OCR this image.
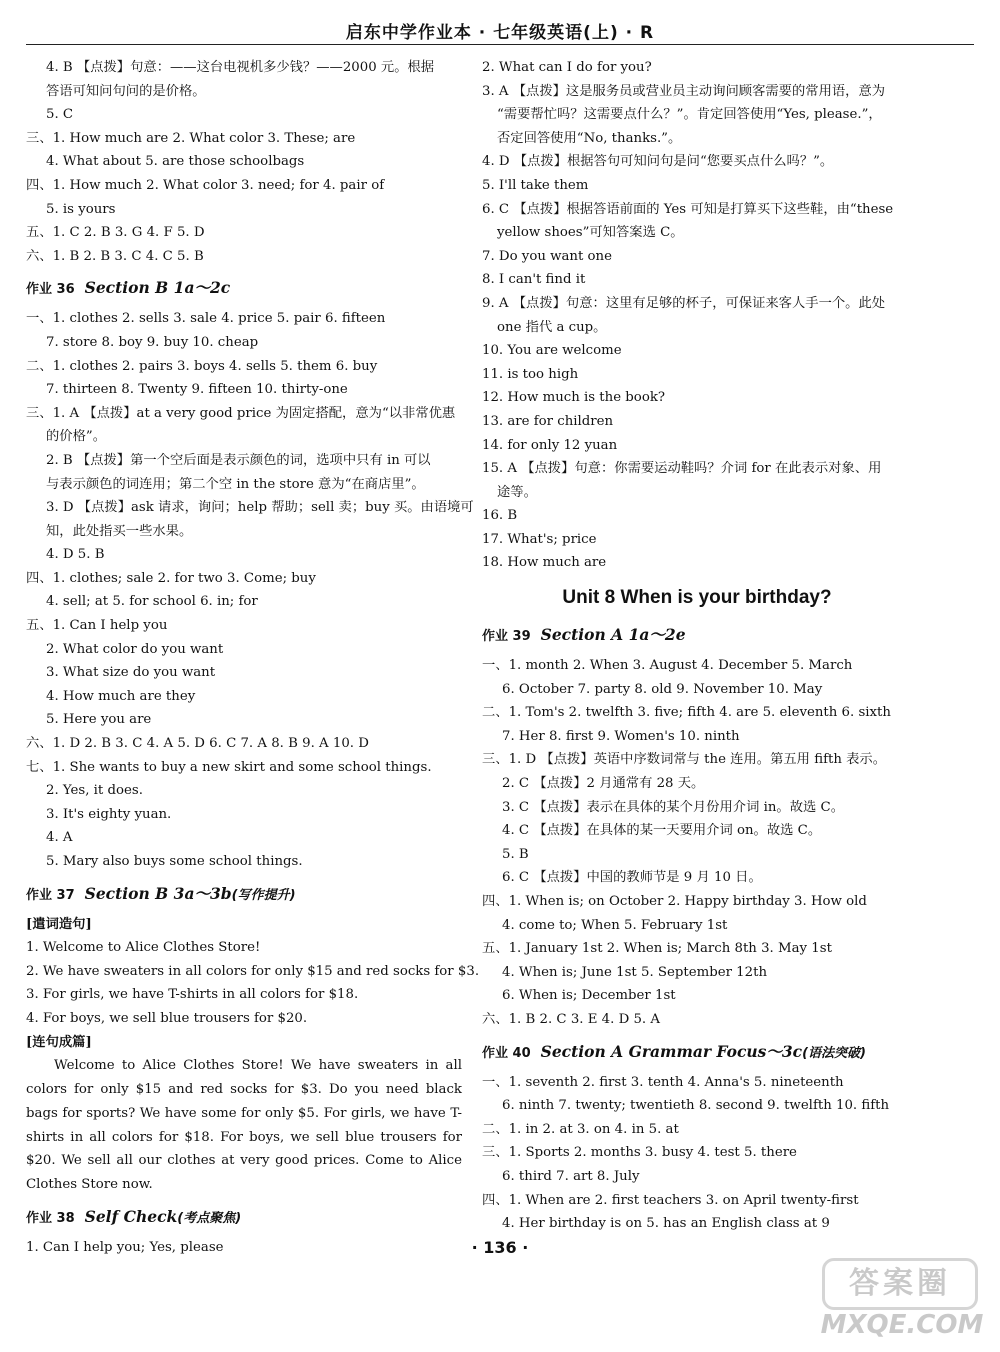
启东中学作业本 · 七年级英语(上) · R
4. B 【点拨】句意：——这台电视机多少钱？——2000 元。根据
答语可知问句问的是价格。
5. C
三、1. How much are 2. What color 3. These; are
4. What about 5. are those schoolbags
四、1. How much 2. What color 3. need; for 4. pair of
5. is yours
五、1. C 2. B 3. G 4. F 5. D
六、1. B 2. B 3. C 4. C 5. B
作业 36 Section B 1a～2c
一、1. clothes 2. sells 3. sale 4. price 5. pair 6. fifteen
7. store 8. boy 9. buy 10. cheap
二、1. clothes 2. pairs 3. boys 4. sells 5. them 6. buy
7. thirteen 8. Twenty 9. fifteen 10. thirty-one
三、1. A 【点拨】at a very good price 为固定搭配，意为“以非常优惠
的价格”。
2. B 【点拨】第一个空后面是表示颜色的词，选项中只有 in 可以
与表示颜色的词连用；第二个空 in the store 意为“在商店里”。
3. D 【点拨】ask 请求，询问；help 帮助；sell 卖；buy 买。由语境可
知，此处指买一些水果。
4. D 5. B
四、1. clothes; sale 2. for two 3. Come; buy
4. sell; at 5. for school 6. in; for
五、1. Can I help you
2. What color do you want
3. What size do you want
4. How much are they
5. Here you are
六、1. D 2. B 3. C 4. A 5. D 6. C 7. A 8. B 9. A 10. D
七、1. She wants to buy a new skirt and some school things.
2. Yes, it does.
3. It's eighty yuan.
4. A
5. Mary also buys some school things.
作业 37 Section B 3a～3b(写作提升)
[遣词造句]
1. Welcome to Alice Clothes Store!
2. We have sweaters in all colors for only $15 and red socks for $3.
3. For girls, we have T-shirts in all colors for $18.
4. For boys, we sell blue trousers for $20.
[连句成篇]
Welcome to Alice Clothes Store! We have sweaters in all colors for only $15 and red socks for $3. Do you need black bags for sports? We have some for only $5. For girls, we have T-shirts in all colors for $18. For boys, we sell blue trousers for $20. We sell all our clothes at very good prices. Come to Alice Clothes Store now.
作业 38 Self Check(考点聚焦)
1. Can I help you; Yes, please
2. What can I do for you?
3. A 【点拨】这是服务员或营业员主动询问顾客需要的常用语，意为
“需要帮忙吗？这需要点什么？”。肯定回答使用“Yes, please.”，
否定回答使用“No, thanks.”。
4. D 【点拨】根据答句可知问句是问“您要买点什么吗？”。
5. I'll take them
6. C 【点拨】根据答语前面的 Yes 可知是打算买下这些鞋，由“these
yellow shoes”可知答案选 C。
7. Do you want one
8. I can't find it
9. A 【点拨】句意：这里有足够的杯子，可保证来客人手一个。此处
one 指代 a cup。
10. You are welcome
11. is too high
12. How much is the book?
13. are for children
14. for only 12 yuan
15. A 【点拨】句意：你需要运动鞋吗？介词 for 在此表示对象、用
途等。
16. B
17. What's; price
18. How much are
Unit 8 When is your birthday?
作业 39 Section A 1a～2e
一、1. month 2. When 3. August 4. December 5. March
6. October 7. party 8. old 9. November 10. May
二、1. Tom's 2. twelfth 3. five; fifth 4. are 5. eleventh 6. sixth
7. Her 8. first 9. Women's 10. ninth
三、1. D 【点拨】英语中序数词常与 the 连用。第五用 fifth 表示。
2. C 【点拨】2 月通常有 28 天。
3. C 【点拨】表示在具体的某个月份用介词 in。故选 C。
4. C 【点拨】在具体的某一天要用介词 on。故选 C。
5. B
6. C 【点拨】中国的教师节是 9 月 10 日。
四、1. When is; on October 2. Happy birthday 3. How old
4. come to; When 5. February 1st
五、1. January 1st 2. When is; March 8th 3. May 1st
4. When is; June 1st 5. September 12th
6. When is; December 1st
六、1. B 2. C 3. E 4. D 5. A
作业 40 Section A Grammar Focus～3c(语法突破)
一、1. seventh 2. first 3. tenth 4. Anna's 5. nineteenth
6. ninth 7. twenty; twentieth 8. second 9. twelfth 10. fifth
二、1. in 2. at 3. on 4. in 5. at
三、1. Sports 2. months 3. busy 4. test 5. there
6. third 7. art 8. July
四、1. When are 2. first teachers 3. on April twenty-first
4. Her birthday is on 5. has an English class at 9
· 136 ·
答案圈
MXQE.COM
